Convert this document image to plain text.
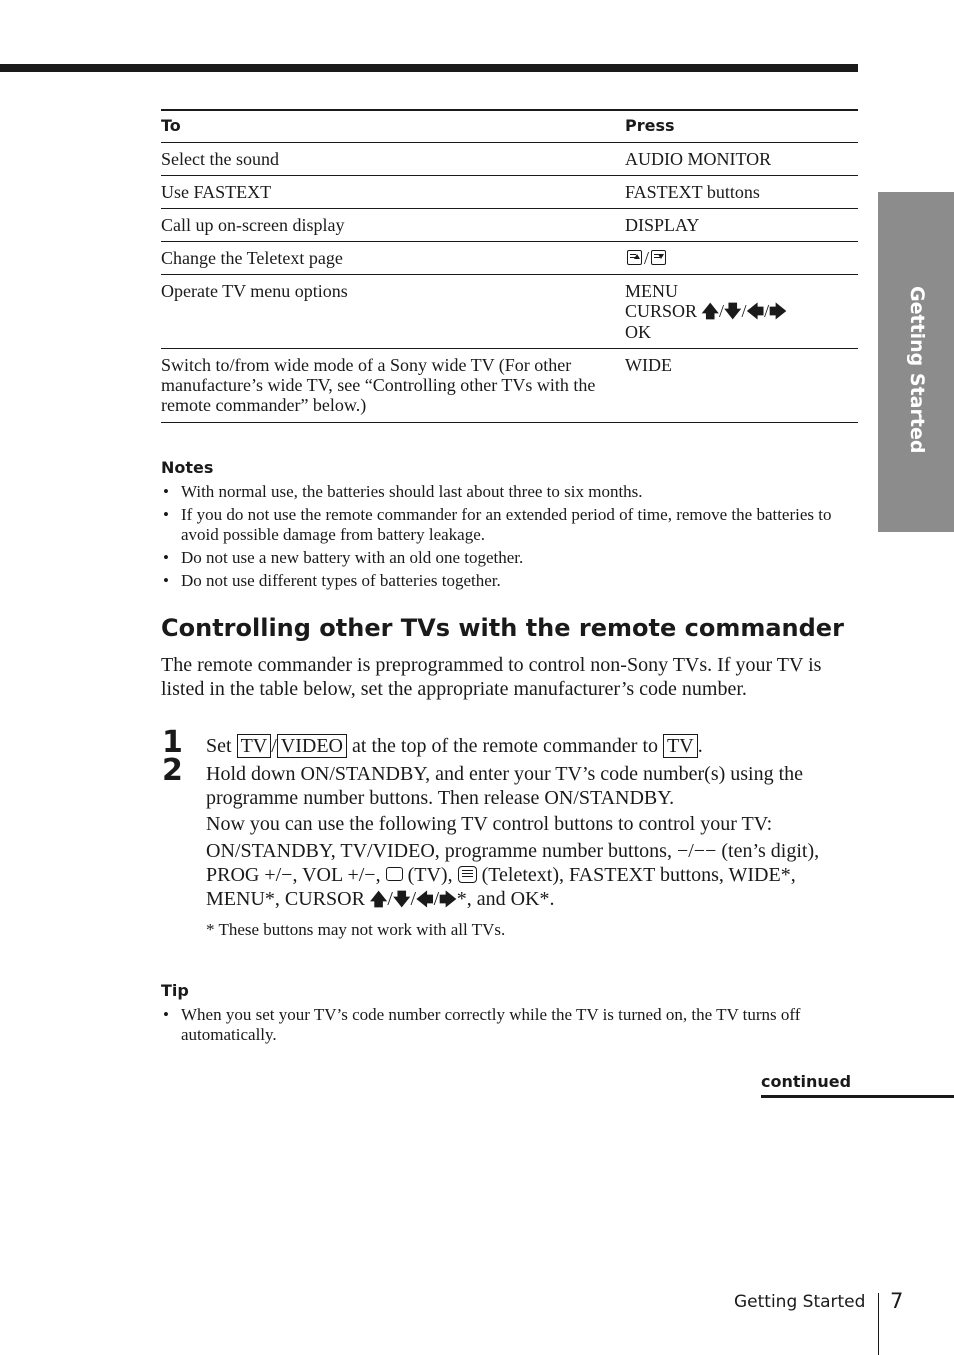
Getting Started
To	Press
Select the sound	AUDIO MONITOR
Use FASTEXT	FASTEXT buttons
Call up on-screen display	DISPLAY
Change the Teletext page	/

Operate TV menu options	MENU
CURSOR 🡅/🡇/🡄/🡆
OK

Switch to/from wide mode of a Sony wide TV (For other manufacture’s wide TV, see “Controlling other TVs with the remote commander” below.)	WIDE
Notes
• With normal use, the batteries should last about three to six months.
• If you do not use the remote commander for an extended period of time, remove the batteries to avoid possible damage from battery leakage.
• Do not use a new battery with an old one together.
• Do not use different types of batteries together.
Controlling other TVs with the remote commander

The remote commander is preprogrammed to control non-Sony TVs. If your TV is listed in the table below, set the appropriate manufacturer’s code number.

1 Set TV / VIDEO at the top of the remote commander to TV .

2 Hold down ON/STANDBY, and enter your TV’s code number(s) using the programme number buttons. Then release ON/STANDBY.

Now you can use the following TV control buttons to control your TV:

ON/STANDBY, TV/VIDEO, programme number buttons, −/−− (ten’s digit), PROG +/−, VOL +/−, (TV), (Teletext), FASTEXT buttons, WIDE*, MENU*, CURSOR 🡅/🡇/🡄/🡆*, and OK*.

* These buttons may not work with all TVs.
Tip
• When you set your TV’s code number correctly while the TV is turned on, the TV turns off automatically.
continued
Getting Started 7
